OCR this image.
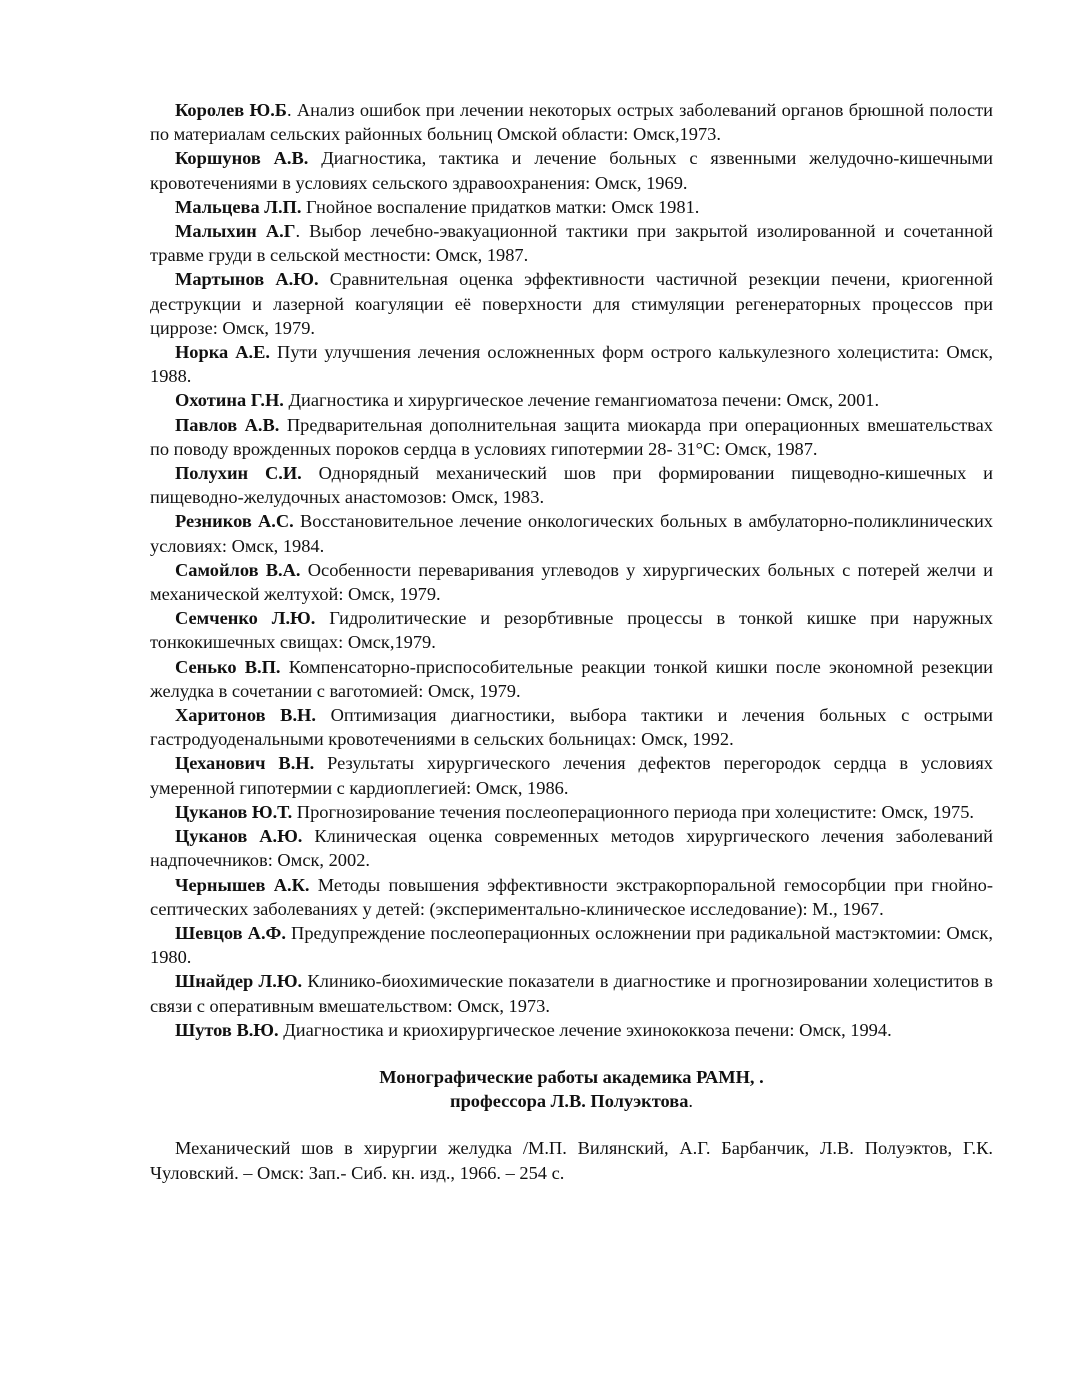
Королев Ю.Б. Анализ ошибок при лечении некоторых острых заболеваний органов брюшной полости по материалам сельских районных больниц Омской области: Омск,1973.

Коршунов А.В. Диагностика, тактика и лечение больных с язвенными желудочно-кишечными кровотечениями в условиях сельского здравоохранения: Омск, 1969.

Мальцева Л.П. Гнойное воспаление придатков матки: Омск 1981.

Малыхин А.Г. Выбор лечебно-эвакуационной тактики при закрытой изолированной и сочетанной травме груди в сельской местности: Омск, 1987.

Мартынов А.Ю. Сравнительная оценка эффективности частичной резекции печени, криогенной деструкции и лазерной коагуляции её поверхности для стимуляции регенераторных процессов при циррозе: Омск, 1979.

Норка А.Е. Пути улучшения лечения осложненных форм острого калькулезного холецистита: Омск, 1988.

Охотина Г.Н. Диагностика и хирургическое лечение гемангиоматоза печени: Омск, 2001.

Павлов А.В. Предварительная дополнительная защита миокарда при операционных вмешательствах по поводу врожденных пороков сердца в условиях гипотермии 28- 31°С: Омск, 1987.

Полухин С.И. Однорядный механический шов при формировании пищеводно-кишечных и пищеводно-желудочных анастомозов: Омск, 1983.

Резников А.С. Восстановительное лечение онкологических больных в амбулаторно-поликлинических условиях: Омск, 1984.

Самойлов В.А. Особенности переваривания углеводов у хирургических больных с потерей желчи и механической желтухой: Омск, 1979.

Семченко Л.Ю. Гидролитические и резорбтивные процессы в тонкой кишке при наружных тонкокишечных свищах: Омск,1979.

Сенько В.П. Компенсаторно-приспособительные реакции тонкой кишки после экономной резекции желудка в сочетании с ваготомией: Омск, 1979.

Харитонов В.Н. Оптимизация диагностики, выбора тактики и лечения больных с острыми гастродуоденальными кровотечениями в сельских больницах: Омск, 1992.

Цеханович В.Н. Результаты хирургического лечения дефектов перегородок сердца в условиях умеренной гипотермии с кардиоплегией: Омск, 1986.

Цуканов Ю.Т. Прогнозирование течения послеоперационного периода при холецистите: Омск, 1975.

Цуканов А.Ю. Клиническая оценка современных методов хирургического лечения заболеваний надпочечников: Омск, 2002.

Чернышев А.К. Методы повышения эффективности экстракорпоральной гемосорбции при гнойно-септических заболеваниях у детей: (экспериментально-клиническое исследование): М., 1967.

Шевцов А.Ф. Предупреждение послеоперационных осложнении при радикальной мастэктомии: Омск, 1980.

Шнайдер Л.Ю. Клинико-биохимические показатели в диагностике и прогнозировании холециститов в связи с оперативным вмешательством: Омск, 1973.

Шутов В.Ю. Диагностика и криохирургическое лечение эхинококкоза печени: Омск, 1994.

Монографические работы академика РАМН, .
профессора Л.В. Полуэктова.

Механический шов в хирургии желудка /М.П. Вилянский, А.Г. Барбанчик, Л.В. Полуэктов, Г.К. Чуловский. – Омск: Зап.- Сиб. кн. изд., 1966. – 254 с.
